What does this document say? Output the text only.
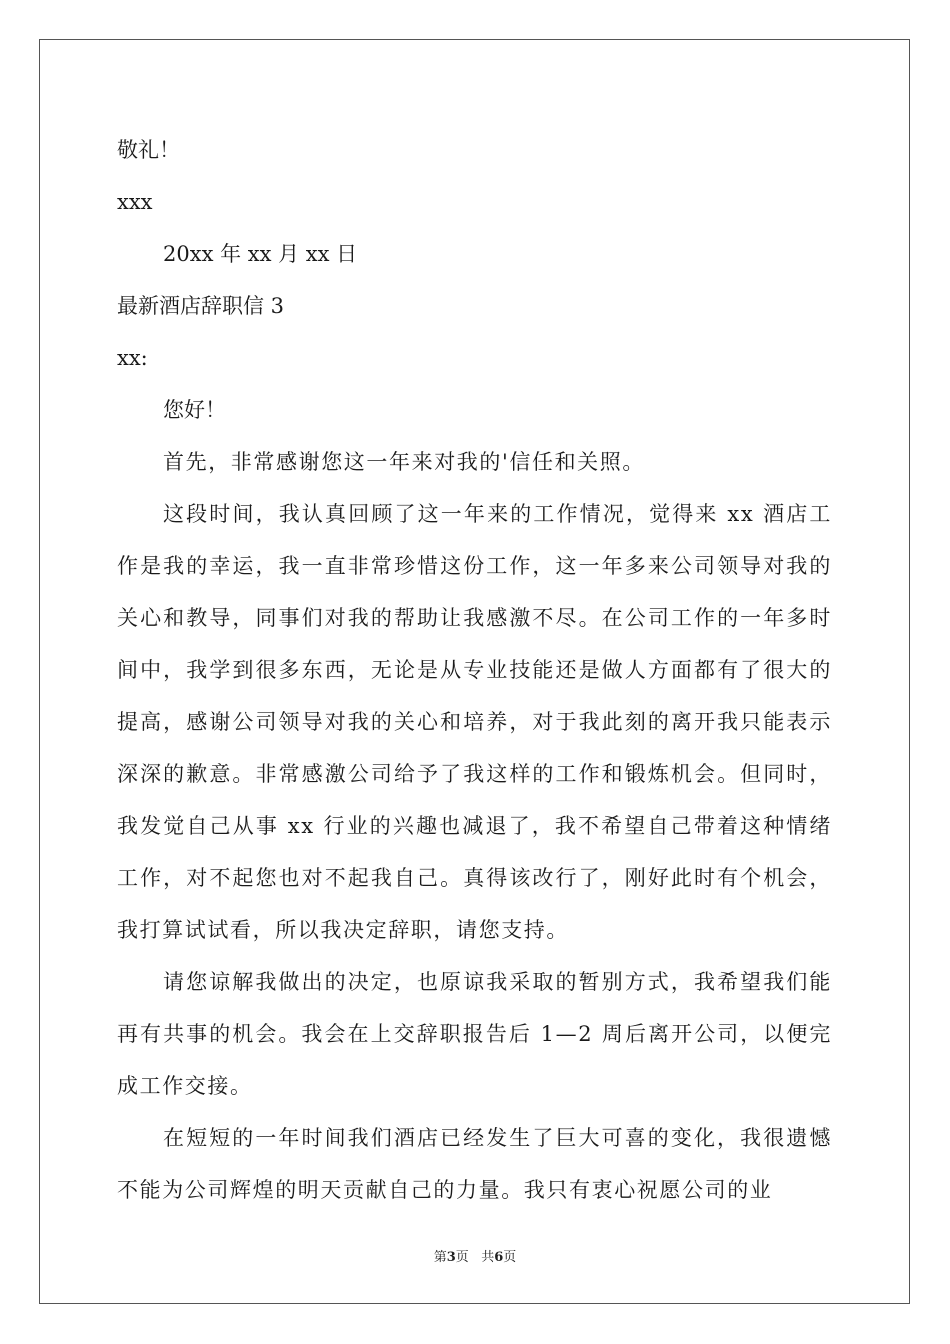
敬礼！
xxx
20xx 年 xx 月 xx 日
最新酒店辞职信 3
xx:
您好！
首先，非常感谢您这一年来对我的'信任和关照。
这段时间，我认真回顾了这一年来的工作情况，觉得来 xx 酒店工作是我的幸运，我一直非常珍惜这份工作，这一年多来公司领导对我的关心和教导，同事们对我的帮助让我感激不尽。在公司工作的一年多时间中，我学到很多东西，无论是从专业技能还是做人方面都有了很大的提高，感谢公司领导对我的关心和培养，对于我此刻的离开我只能表示深深的歉意。非常感激公司给予了我这样的工作和锻炼机会。但同时，我发觉自己从事 xx 行业的兴趣也减退了，我不希望自己带着这种情绪工作，对不起您也对不起我自己。真得该改行了，刚好此时有个机会，我打算试试看，所以我决定辞职，请您支持。
请您谅解我做出的决定，也原谅我采取的暂别方式，我希望我们能再有共事的机会。我会在上交辞职报告后 1—2 周后离开公司，以便完成工作交接。
在短短的一年时间我们酒店已经发生了巨大可喜的变化，我很遗憾不能为公司辉煌的明天贡献自己的力量。我只有衷心祝愿公司的业
第3页 共6页
